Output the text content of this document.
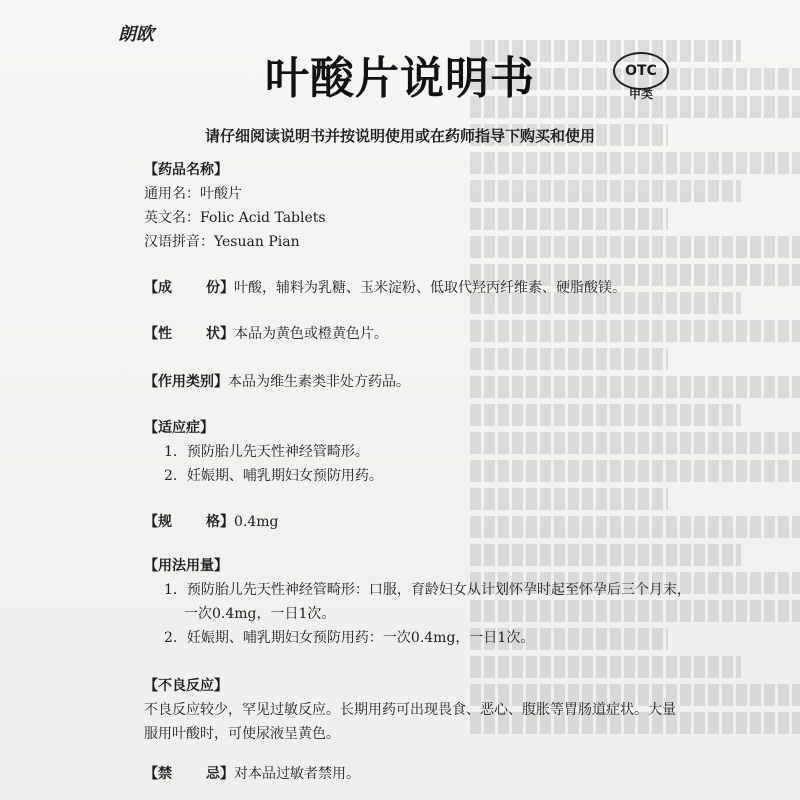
朗欧
叶酸片说明书	OTC
甲类
请仔细阅读说明书并按说明使用或在药师指导下购买和使用
【药品名称】
通用名：叶酸片
英文名：Folic Acid Tablets
汉语拼音：Yesuan Pian
【成 份】叶酸，辅料为乳糖、玉米淀粉、低取代羟丙纤维素、硬脂酸镁。
【性 状】本品为黄色或橙黄色片。
【作用类别】本品为维生素类非处方药品。
【适应症】
1．预防胎儿先天性神经管畸形。
2．妊娠期、哺乳期妇女预防用药。
【规 格】0.4mg
【用法用量】
1．预防胎儿先天性神经管畸形：口服，育龄妇女从计划怀孕时起至怀孕后三个月末，
一次0.4mg，一日1次。
2．妊娠期、哺乳期妇女预防用药：一次0.4mg，一日1次。
【不良反应】
不良反应较少，罕见过敏反应。长期用药可出现畏食、恶心、腹胀等胃肠道症状。大量
服用叶酸时，可使尿液呈黄色。
【禁 忌】对本品过敏者禁用。
